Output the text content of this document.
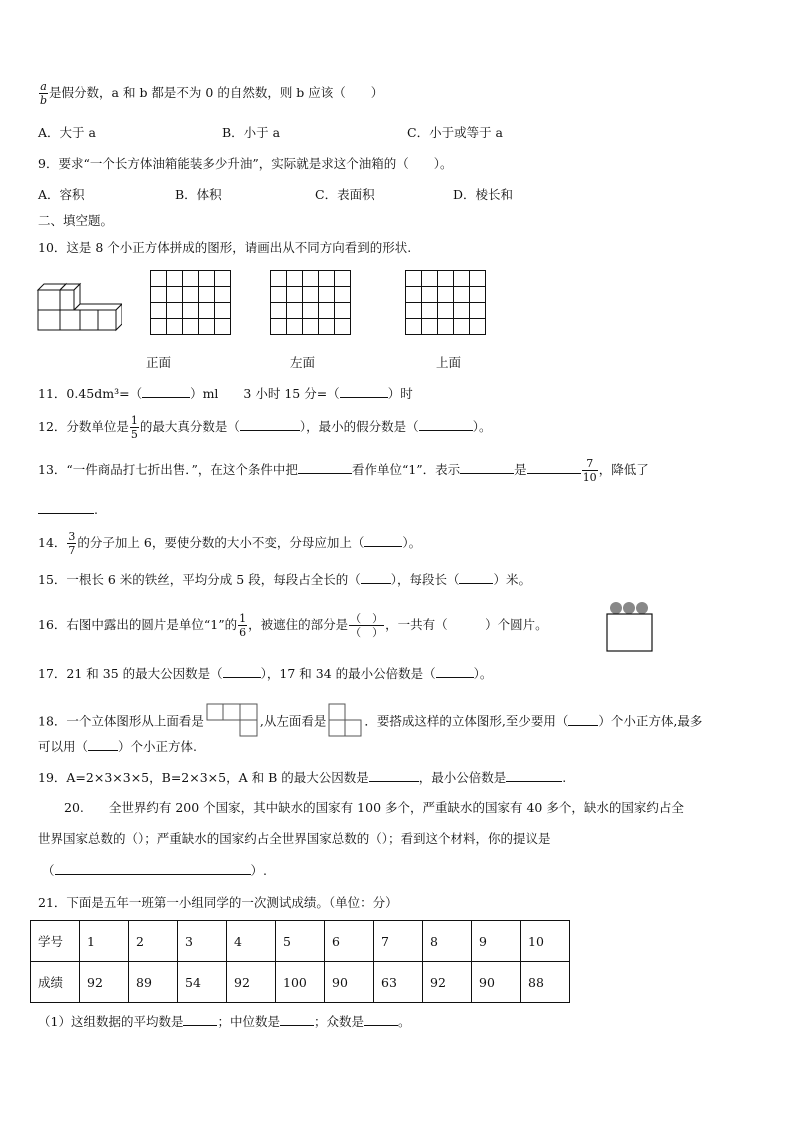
$\frac{a}{b}$ 是假分数，a 和 b 都是不为 0 的自然数，则 b 应该（　　）
A．大于 a	B．小于 a	C．小于或等于 a
9．要求“一个长方体油箱能装多少升油”，实际就是求这个油箱的（　　）。
A．容积	B．体积	C．表面积	D．棱长和
二、填空题。
10．这是 8 个小正方体拼成的图形，请画出从不同方向看到的形状.

正面	左面	上面
11．0.45dm³=（	）ml　　3 小时 15 分=（	）时
12．分数单位是 $\frac{1}{5}$ 的最大真分数是（	），最小的假分数是（	）。
13．“一件商品打七折出售．”，在这个条件中把	看作单位“1”．表示	是	$\frac{7}{10}$ ，降低了
.
14． $\frac{3}{7}$ 的分子加上 6，要使分数的大小不变，分母应加上（	）。
15．一根长 6 米的铁丝，平均分成 5 段，每段占全长的（ ），每段长（	）米。
16．右图中露出的圆片是单位“1”的 $\frac{1}{6}$ ，被遮住的部分是 $\frac{( )}{( )}$ ，一共有（　　　）个圆片。
17．21 和 35 的最大公因数是（	），17 和 34 的最小公倍数是（	）。
18．一个立体图形从上面看是	,从左面看是	．要搭成这样的立体图形,至少要用（ ）个小正方体,最多
可以用（ ）个小正方体.
19．A=2×3×3×5，B=2×3×5，A 和 B 的最大公因数是	，最小公倍数是	.
20.　　全世界约有 200 个国家，其中缺水的国家有 100 多个，严重缺水的国家有 40 多个，缺水的国家约占全
世界国家总数的（）；严重缺水的国家约占全世界国家总数的（）；看到这个材料，你的提议是
（	）.
21．下面是五年一班第一小组同学的一次测试成绩。（单位：分）
学号	1	2	3	4	5	6	7	8	9	10
成绩	92	89	54	92	100	90	63	92	90	88
（1）这组数据的平均数是	；中位数是	；众数是	。
